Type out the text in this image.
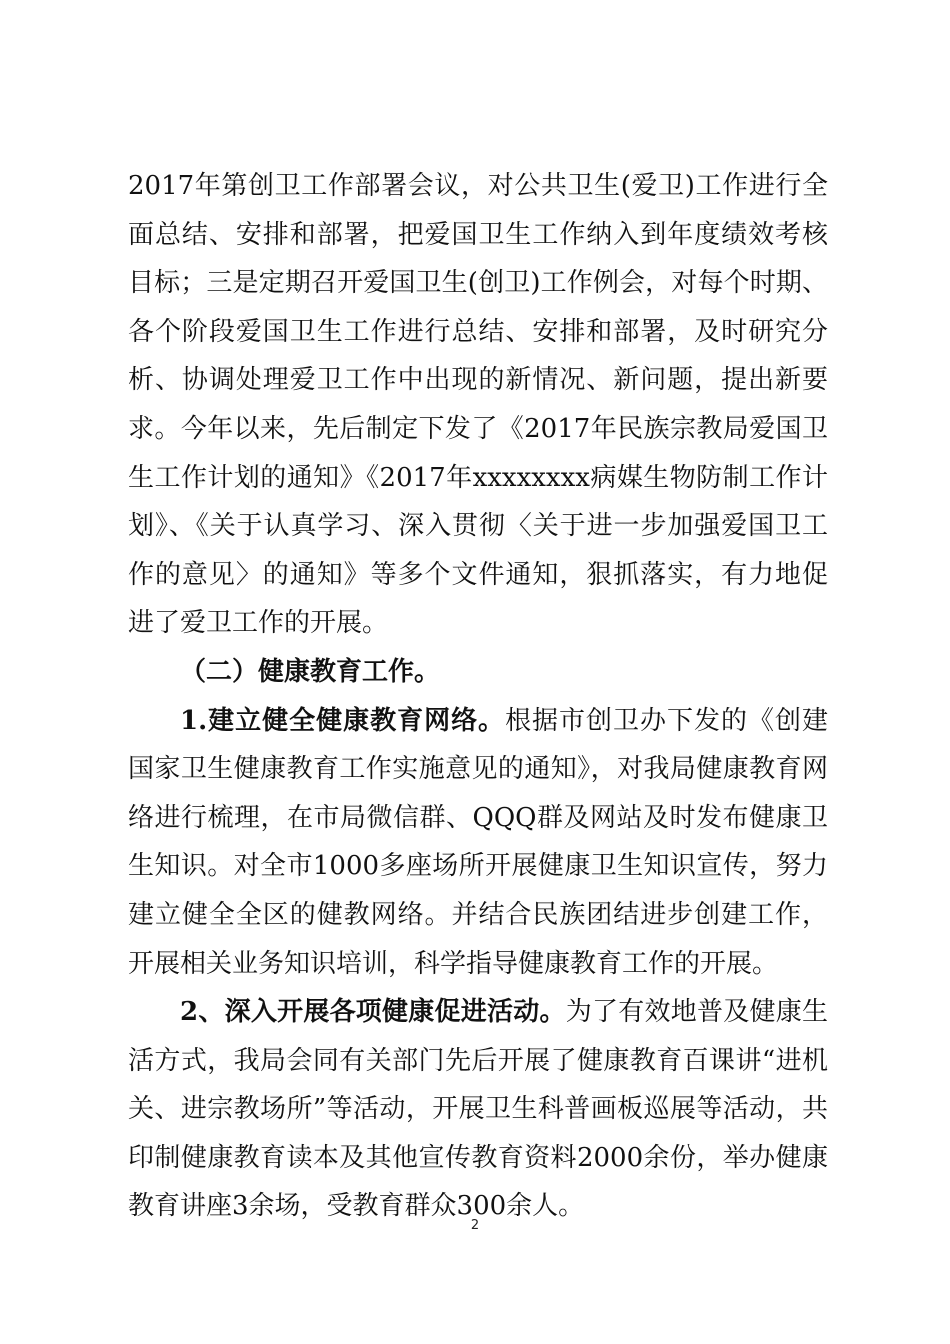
2017年第创卫工作部署会议，对公共卫生(爱卫)工作进行全面总结、安排和部署，把爱国卫生工作纳入到年度绩效考核目标；三是定期召开爱国卫生(创卫)工作例会，对每个时期、各个阶段爱国卫生工作进行总结、安排和部署，及时研究分析、协调处理爱卫工作中出现的新情况、新问题，提出新要求。今年以来，先后制定下发了《2017年民族宗教局爱国卫生工作计划的通知》《2017年xxxxxxxx病媒生物防制工作计划》、《关于认真学习、深入贯彻〈关于进一步加强爱国卫工作的意见〉的通知》等多个文件通知，狠抓落实，有力地促进了爱卫工作的开展。

（二）健康教育工作。

1.建立健全健康教育网络。根据市创卫办下发的《创建国家卫生健康教育工作实施意见的通知》，对我局健康教育网络进行梳理，在市局微信群、QQQ群及网站及时发布健康卫生知识。对全市1000多座场所开展健康卫生知识宣传，努力建立健全全区的健教网络。并结合民族团结进步创建工作，开展相关业务知识培训，科学指导健康教育工作的开展。

2、深入开展各项健康促进活动。为了有效地普及健康生活方式，我局会同有关部门先后开展了健康教育百课讲“进机关、进宗教场所”等活动，开展卫生科普画板巡展等活动，共印制健康教育读本及其他宣传教育资料2000余份，举办健康教育讲座3余场，受教育群众300余人。

2
